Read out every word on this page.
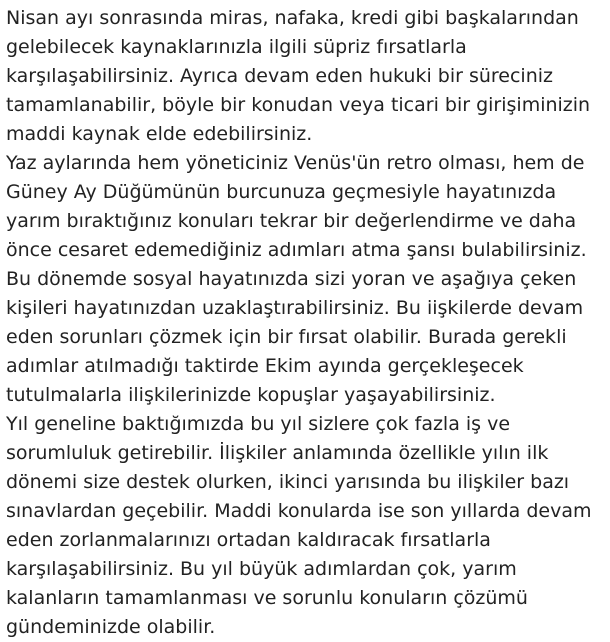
Nisan ayı sonrasında miras, nafaka, kredi gibi başkalarından
gelebilecek kaynaklarınızla ilgili süpriz fırsatlarla
karşılaşabilirsiniz. Ayrıca devam eden hukuki bir süreciniz
tamamlanabilir, böyle bir konudan veya ticari bir girişiminizin
maddi kaynak elde edebilirsiniz.
Yaz aylarında hem yöneticiniz Venüs'ün retro olması, hem de
Güney Ay Düğümünün burcunuza geçmesiyle hayatınızda
yarım bıraktığınız konuları tekrar bir değerlendirme ve daha
önce cesaret edemediğiniz adımları atma şansı bulabilirsiniz.
Bu dönemde sosyal hayatınızda sizi yoran ve aşağıya çeken
kişileri hayatınızdan uzaklaştırabilirsiniz. Bu iişkilerde devam
eden sorunları çözmek için bir fırsat olabilir. Burada gerekli
adımlar atılmadığı taktirde Ekim ayında gerçekleşecek
tutulmalarla ilişkilerinizde kopuşlar yaşayabilirsiniz.
Yıl geneline baktığımızda bu yıl sizlere çok fazla iş ve
sorumluluk getirebilir. İlişkiler anlamında özellikle yılın ilk
dönemi size destek olurken, ikinci yarısında bu ilişkiler bazı
sınavlardan geçebilir. Maddi konularda ise son yıllarda devam
eden zorlanmalarınızı ortadan kaldıracak fırsatlarla
karşılaşabilirsiniz. Bu yıl büyük adımlardan çok, yarım
kalanların tamamlanması ve sorunlu konuların çözümü
gündeminizde olabilir.
